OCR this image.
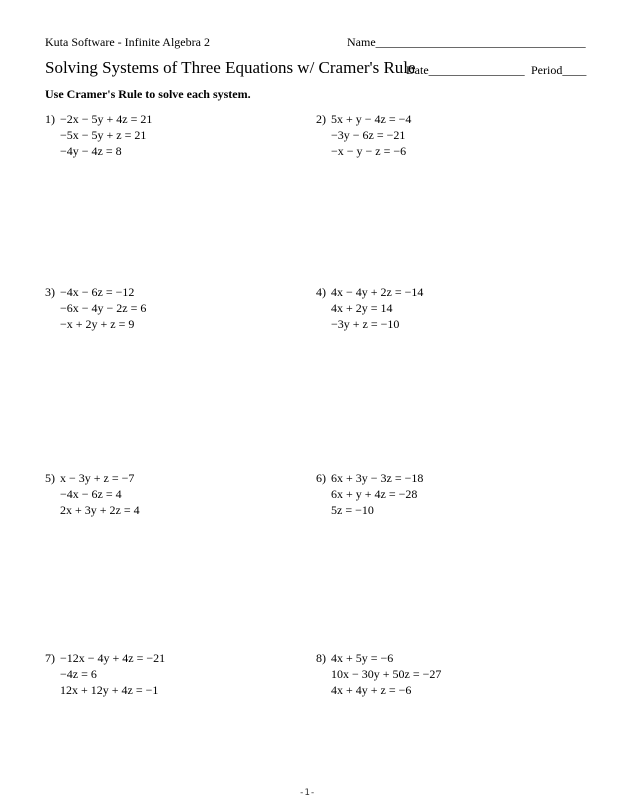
Kuta Software - Infinite Algebra 2	Name___________________________________
Solving Systems of Three Equations w/ Cramer's Rule
Date________________ Period____
Use Cramer's Rule to solve each system.
1) −2x − 5y + 4z = 21
−5x − 5y + z = 21
−4y − 4z = 8
2) 5x + y − 4z = −4
−3y − 6z = −21
−x − y − z = −6
3) −4x − 6z = −12
−6x − 4y − 2z = 6
−x + 2y + z = 9
4) 4x − 4y + 2z = −14
4x + 2y = 14
−3y + z = −10
5) x − 3y + z = −7
−4x − 6z = 4
2x + 3y + 2z = 4
6) 6x + 3y − 3z = −18
6x + y + 4z = −28
5z = −10
7) −12x − 4y + 4z = −21
−4z = 6
12x + 12y + 4z = −1
8) 4x + 5y = −6
10x − 30y + 50z = −27
4x + 4y + z = −6
-1-
